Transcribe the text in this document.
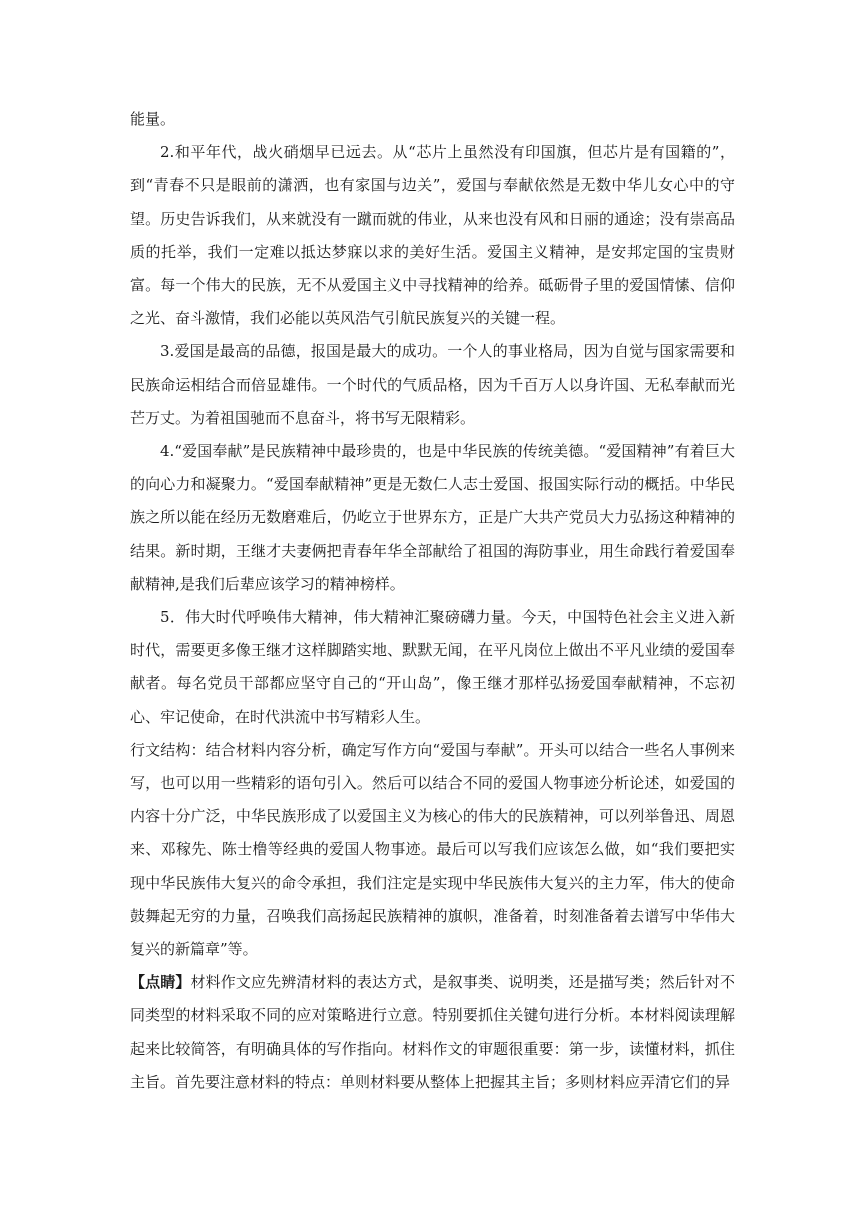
能量。

2.和平年代，战火硝烟早已远去。从“芯片上虽然没有印国旗，但芯片是有国籍的”，到“青春不只是眼前的潇洒，也有家国与边关”，爱国与奉献依然是无数中华儿女心中的守望。历史告诉我们，从来就没有一蹴而就的伟业，从来也没有风和日丽的通途；没有崇高品质的托举，我们一定难以抵达梦寐以求的美好生活。爱国主义精神，是安邦定国的宝贵财富。每一个伟大的民族，无不从爱国主义中寻找精神的给养。砥砺骨子里的爱国情愫、信仰之光、奋斗激情，我们必能以英风浩气引航民族复兴的关键一程。

3.爱国是最高的品德，报国是最大的成功。一个人的事业格局，因为自觉与国家需要和民族命运相结合而倍显雄伟。一个时代的气质品格，因为千百万人以身许国、无私奉献而光芒万丈。为着祖国驰而不息奋斗，将书写无限精彩。

4.“爱国奉献”是民族精神中最珍贵的，也是中华民族的传统美德。“爱国精神”有着巨大的向心力和凝聚力。“爱国奉献精神”更是无数仁人志士爱国、报国实际行动的概括。中华民族之所以能在经历无数磨难后，仍屹立于世界东方，正是广大共产党员大力弘扬这种精神的结果。新时期，王继才夫妻俩把青春年华全部献给了祖国的海防事业，用生命践行着爱国奉献精神,是我们后辈应该学习的精神榜样。

5．伟大时代呼唤伟大精神，伟大精神汇聚磅礴力量。今天，中国特色社会主义进入新时代，需要更多像王继才这样脚踏实地、默默无闻，在平凡岗位上做出不平凡业绩的爱国奉献者。每名党员干部都应坚守自己的“开山岛”，像王继才那样弘扬爱国奉献精神，不忘初心、牢记使命，在时代洪流中书写精彩人生。

行文结构：结合材料内容分析，确定写作方向“爱国与奉献”。开头可以结合一些名人事例来写，也可以用一些精彩的语句引入。然后可以结合不同的爱国人物事迹分析论述，如爱国的内容十分广泛，中华民族形成了以爱国主义为核心的伟大的民族精神，可以列举鲁迅、周恩来、邓稼先、陈士橹等经典的爱国人物事迹。最后可以写我们应该怎么做，如“我们要把实现中华民族伟大复兴的命令承担，我们注定是实现中华民族伟大复兴的主力军，伟大的使命鼓舞起无穷的力量，召唤我们高扬起民族精神的旗帜，准备着，时刻准备着去谱写中华伟大复兴的新篇章”等。

【点睛】材料作文应先辨清材料的表达方式，是叙事类、说明类，还是描写类；然后针对不同类型的材料采取不同的应对策略进行立意。特别要抓住关键句进行分析。本材料阅读理解起来比较简答，有明确具体的写作指向。材料作文的审题很重要：第一步，读懂材料，抓住主旨。首先要注意材料的特点：单则材料要从整体上把握其主旨；多则材料应弄清它们的异
